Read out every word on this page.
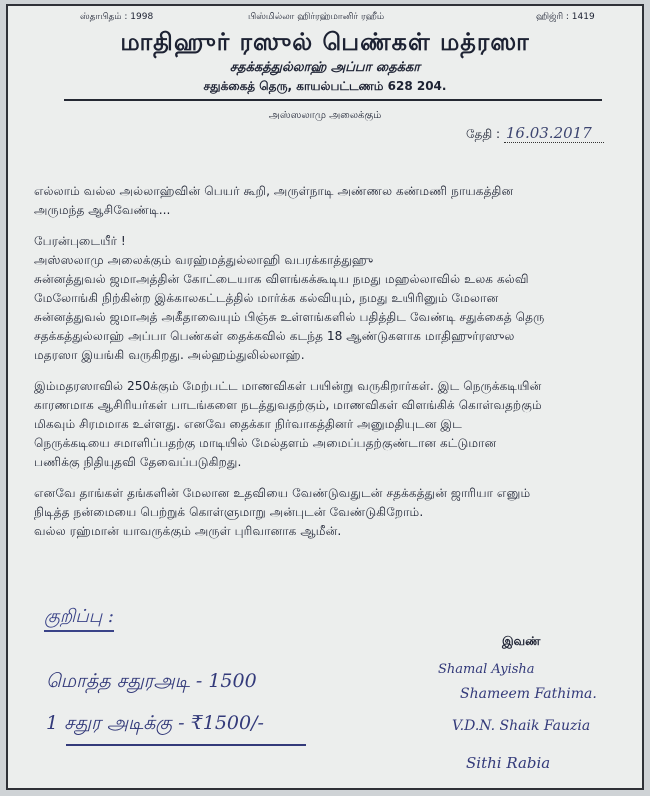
ஸ்தாபிதம் : 1998	பிஸ்மில்லா ஹிர்ரஹ்மானிர் ரஹீம்	ஹிஜ்ரி : 1419
மாதிஹுர் ரஸுல் பெண்கள் மத்ரஸா
சதக்கத்துல்லாஹ் அப்பா தைக்கா
சதுக்கைத் தெரு, காயல்பட்டணம் 628 204.
அஸ்ஸலாமு அலைக்கும்
தேதி : 16.03.2017

எல்லாம் வல்ல அல்லாஹ்வின் பெயர் கூறி, அருள்நாடி அண்ணல கண்மணி நாயகத்தின

அருமந்த ஆசிவேண்டி...

பேரன்புடையீர் !

அஸ்ஸலாமு அலைக்கும் வரஹ்மத்துல்லாஹி வபரக்காத்துஹு

சுன்னத்துவல் ஜமாஅத்தின் கோட்டையாக விளங்கக்கூடிய நமது மஹல்லாவில் உலக கல்வி

மேலோங்கி நிற்கின்ற இக்காலகட்டத்தில் மார்க்க கல்வியும், நமது உயிரினும் மேலான

சுன்னத்துவல் ஜமாஅத் அகீதாவையும் பிஞ்சு உள்ளங்களில் பதித்திட வேண்டி சதுக்கைத் தெரு

சதக்கத்துல்லாஹ் அப்பா பெண்கள் தைக்கவில் கடந்த 18 ஆண்டுகளாக மாதிஹுர்ரஸுல

மதரஸா இயங்கி வருகிறது. அல்ஹம்துலில்லாஹ்.

இம்மதரஸாவில் 250க்கும் மேற்பட்ட மாணவிகள் பயின்று வருகிறார்கள். இட நெருக்கடியின்

காரணமாக ஆசிரியர்கள் பாடங்களை நடத்துவதற்கும், மாணவிகள் விளங்கிக் கொள்வதற்கும்

மிகவும் சிரமமாக உள்ளது. எனவே தைக்கா நிர்வாகத்தினர் அனுமதியுடன இட

நெருக்கடியை சமாளிப்பதற்கு மாடியில் மேல்தளம் அமைப்பதற்குண்டான கட்டுமான

பணிக்கு நிதியுதவி தேவைப்படுகிறது.

எனவே தாங்கள் தங்களின் மேலான உதவியை வேண்டுவதுடன் சதக்கத்துன் ஜாரியா எனும்

நிடித்த நன்மையை பெற்றுக் கொள்ளுமாறு அன்புடன் வேண்டுகிறோம்.

வல்ல ரஹ்மான் யாவருக்கும் அருள் புரிவானாக ஆமீன்.

குறிப்பு :
இவண்
மொத்த சதுரஅடி - 1500
1 சதுர அடிக்கு - ₹1500/-
Shamal Ayisha
Shameem Fathima.
V.D.N. Shaik Fauzia
Sithi Rabia
